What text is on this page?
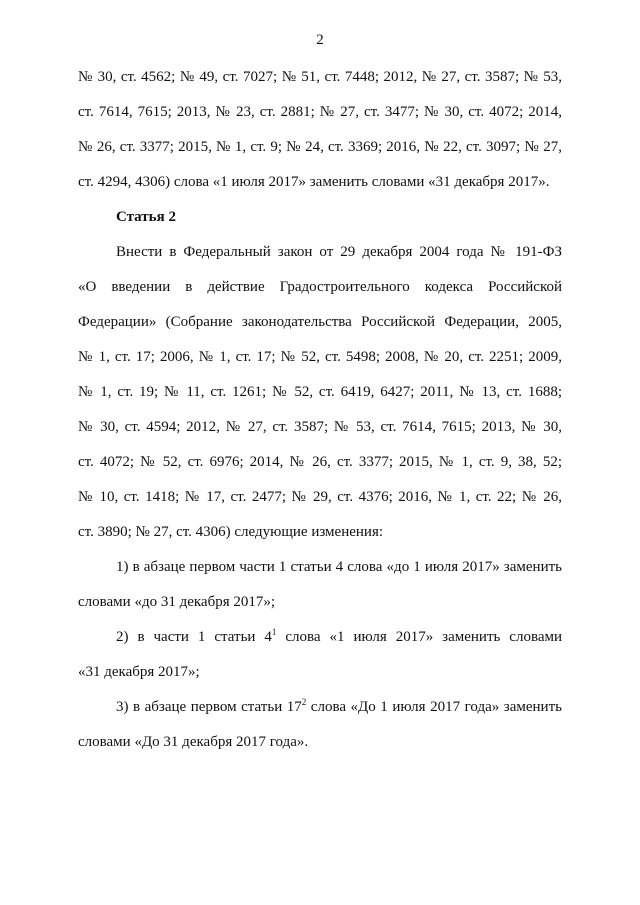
2
№ 30, ст. 4562; № 49, ст. 7027; № 51, ст. 7448; 2012, № 27, ст. 3587; № 53,
ст. 7614, 7615; 2013, № 23, ст. 2881; № 27, ст. 3477; № 30, ст. 4072; 2014,
№ 26, ст. 3377; 2015, № 1, ст. 9; № 24, ст. 3369; 2016, № 22, ст. 3097; № 27,
ст. 4294, 4306) слова «1 июля 2017» заменить словами «31 декабря 2017».
Статья 2
Внести в Федеральный закон от 29 декабря 2004 года № 191-ФЗ
«О введении в действие Градостроительного кодекса Российской
Федерации» (Собрание законодательства Российской Федерации, 2005,
№ 1, ст. 17; 2006, № 1, ст. 17; № 52, ст. 5498; 2008, № 20, ст. 2251; 2009,
№ 1, ст. 19; № 11, ст. 1261; № 52, ст. 6419, 6427; 2011, № 13, ст. 1688;
№ 30, ст. 4594; 2012, № 27, ст. 3587; № 53, ст. 7614, 7615; 2013, № 30,
ст. 4072; № 52, ст. 6976; 2014, № 26, ст. 3377; 2015, № 1, ст. 9, 38, 52;
№ 10, ст. 1418; № 17, ст. 2477; № 29, ст. 4376; 2016, № 1, ст. 22; № 26,
ст. 3890; № 27, ст. 4306) следующие изменения:
1) в абзаце первом части 1 статьи 4 слова «до 1 июля 2017» заменить
словами «до 31 декабря 2017»;
2) в части 1 статьи $4^1$ слова «1 июля 2017» заменить словами
«31 декабря 2017»;
3) в абзаце первом статьи $17^2$ слова «До 1 июля 2017 года» заменить
словами «До 31 декабря 2017 года».
